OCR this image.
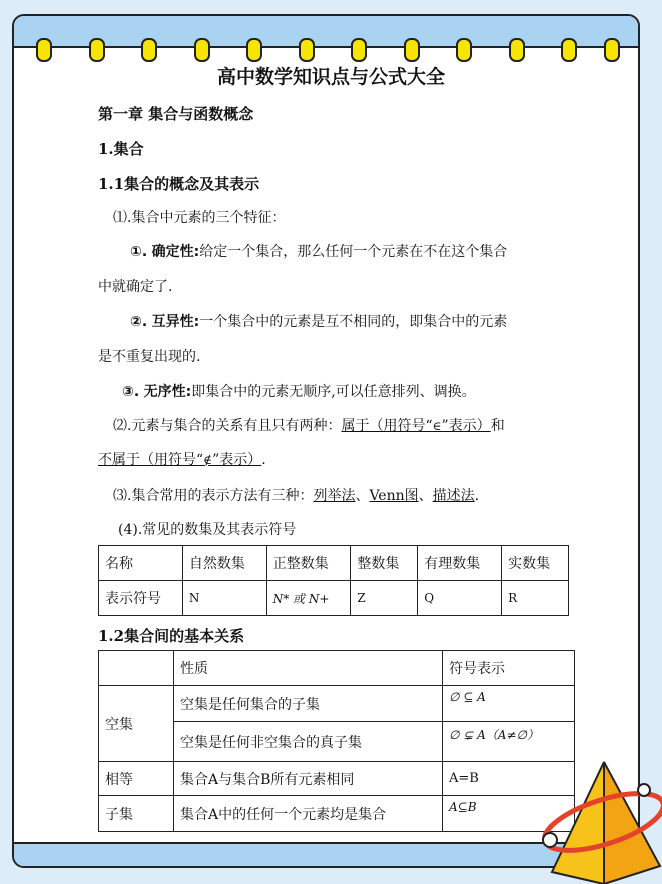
高中数学知识点与公式大全
第一章 集合与函数概念
1.集合
1.1集合的概念及其表示
⑴.集合中元素的三个特征：
①. 确定性:给定一个集合，那么任何一个元素在不在这个集合
中就确定了.
②. 互异性:一个集合中的元素是互不相同的，即集合中的元素
是不重复出现的.
③. 无序性:即集合中的元素无顺序,可以任意排列、调换。
⑵.元素与集合的关系有且只有两种：属于（用符号“∈”表示）和
不属于（用符号“∉”表示）.
⑶.集合常用的表示方法有三种：列举法、Venn图、描述法.
(4).常见的数集及其表示符号
名称	自然数集	正整数集	整数集	有理数集	实数集
表示符号	N	N* 或 N+	Z	Q	R
1.2集合间的基本关系
	性质	符号表示
空集	空集是任何集合的子集	∅ ⊆ A
	空集是任何非空集合的真子集	∅ ⊊ A（A≠∅）
相等	集合A与集合B所有元素相同	A=B
子集	集合A中的任何一个元素均是集合	A⊆B
